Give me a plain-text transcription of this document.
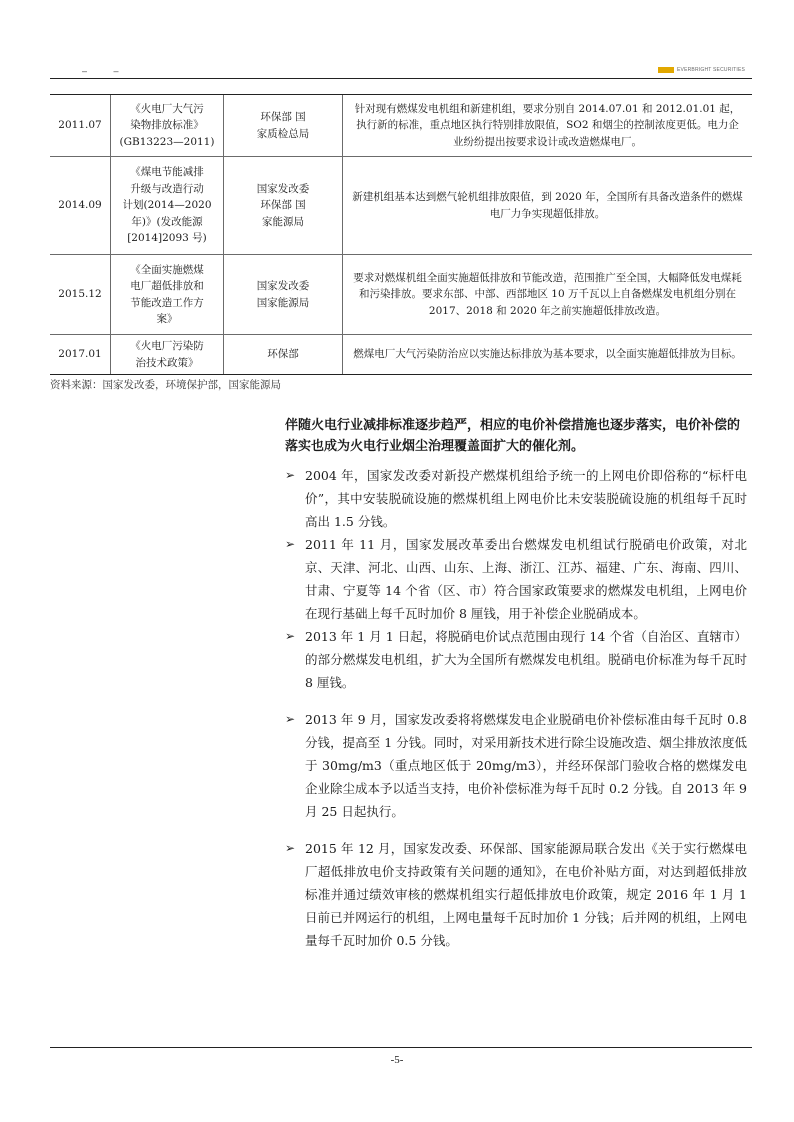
– –	EVERBRIGHT SECURITIES
2011.07	《火电厂大气污
染物排放标准》
(GB13223—2011)	环保部 国
家质检总局	针对现有燃煤发电机组和新建机组，要求分别自 2014.07.01 和 2012.01.01 起，执行新的标准，重点地区执行特别排放限值，SO2 和烟尘的控制浓度更低。电力企业纷纷提出按要求设计或改造燃煤电厂。
2014.09	《煤电节能减排
升级与改造行动
计划(2014—2020
年)》(发改能源
[2014]2093 号)	国家发改委
环保部 国
家能源局	新建机组基本达到燃气轮机组排放限值，到 2020 年，全国所有具备改造条件的燃煤电厂力争实现超低排放。
2015.12	《全面实施燃煤
电厂超低排放和
节能改造工作方
案》	国家发改委
国家能源局	要求对燃煤机组全面实施超低排放和节能改造，范围推广至全国，大幅降低发电煤耗和污染排放。要求东部、中部、西部地区 10 万千瓦以上自备燃煤发电机组分别在 2017、2018 和 2020 年之前实施超低排放改造。
2017.01	《火电厂污染防
治技术政策》	环保部	燃煤电厂大气污染防治应以实施达标排放为基本要求，以全面实施超低排放为目标。
资料来源：国家发改委，环境保护部，国家能源局
伴随火电行业减排标准逐步趋严，相应的电价补偿措施也逐步落实，电价补偿的落实也成为火电行业烟尘治理覆盖面扩大的催化剂。
➢ 2004 年，国家发改委对新投产燃煤机组给予统一的上网电价即俗称的“标杆电价”，其中安装脱硫设施的燃煤机组上网电价比未安装脱硫设施的机组每千瓦时高出 1.5 分钱。
➢ 2011 年 11 月，国家发展改革委出台燃煤发电机组试行脱硝电价政策，对北京、天津、河北、山西、山东、上海、浙江、江苏、福建、广东、海南、四川、甘肃、宁夏等 14 个省（区、市）符合国家政策要求的燃煤发电机组，上网电价在现行基础上每千瓦时加价 8 厘钱，用于补偿企业脱硝成本。
➢ 2013 年 1 月 1 日起，将脱硝电价试点范围由现行 14 个省（自治区、直辖市）的部分燃煤发电机组，扩大为全国所有燃煤发电机组。脱硝电价标准为每千瓦时 8 厘钱。
➢ 2013 年 9 月，国家发改委将将燃煤发电企业脱硝电价补偿标准由每千瓦时 0.8 分钱，提高至 1 分钱。同时，对采用新技术进行除尘设施改造、烟尘排放浓度低于 30mg/m3（重点地区低于 20mg/m3），并经环保部门验收合格的燃煤发电企业除尘成本予以适当支持，电价补偿标准为每千瓦时 0.2 分钱。自 2013 年 9 月 25 日起执行。
➢ 2015 年 12 月，国家发改委、环保部、国家能源局联合发出《关于实行燃煤电厂超低排放电价支持政策有关问题的通知》，在电价补贴方面，对达到超低排放标准并通过绩效审核的燃煤机组实行超低排放电价政策，规定 2016 年 1 月 1 日前已并网运行的机组，上网电量每千瓦时加价 1 分钱；后并网的机组，上网电量每千瓦时加价 0.5 分钱。
-5-
